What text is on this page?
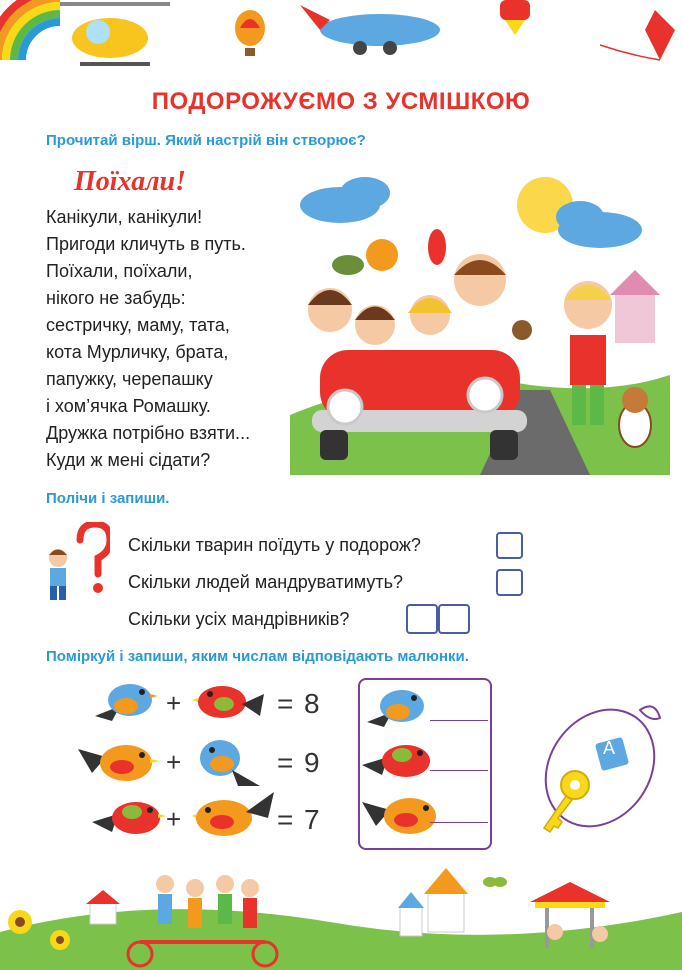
ПОДОРОЖУЄМО З УСМІШКОЮ
Прочитай вірш. Який настрій він створює?
Поїхали!
Канікули, канікули!
Пригоди кличуть в путь.
Поїхали, поїхали,
нікого не забудь:
сестричку, маму, тата,
кота Мурличку, брата,
папужку, черепашку
і хом’ячка Ромашку.
Дружка потрібно взяти...
Куди ж мені сідати?
Полічи і запиши.
Скільки тварин поїдуть у подорож?
Скільки людей мандруватимуть?
Скільки усіх мандрівників?
Поміркуй і запиши, яким числам відповідають малюнки.
+	= 8
+	= 9
+	= 7
А
